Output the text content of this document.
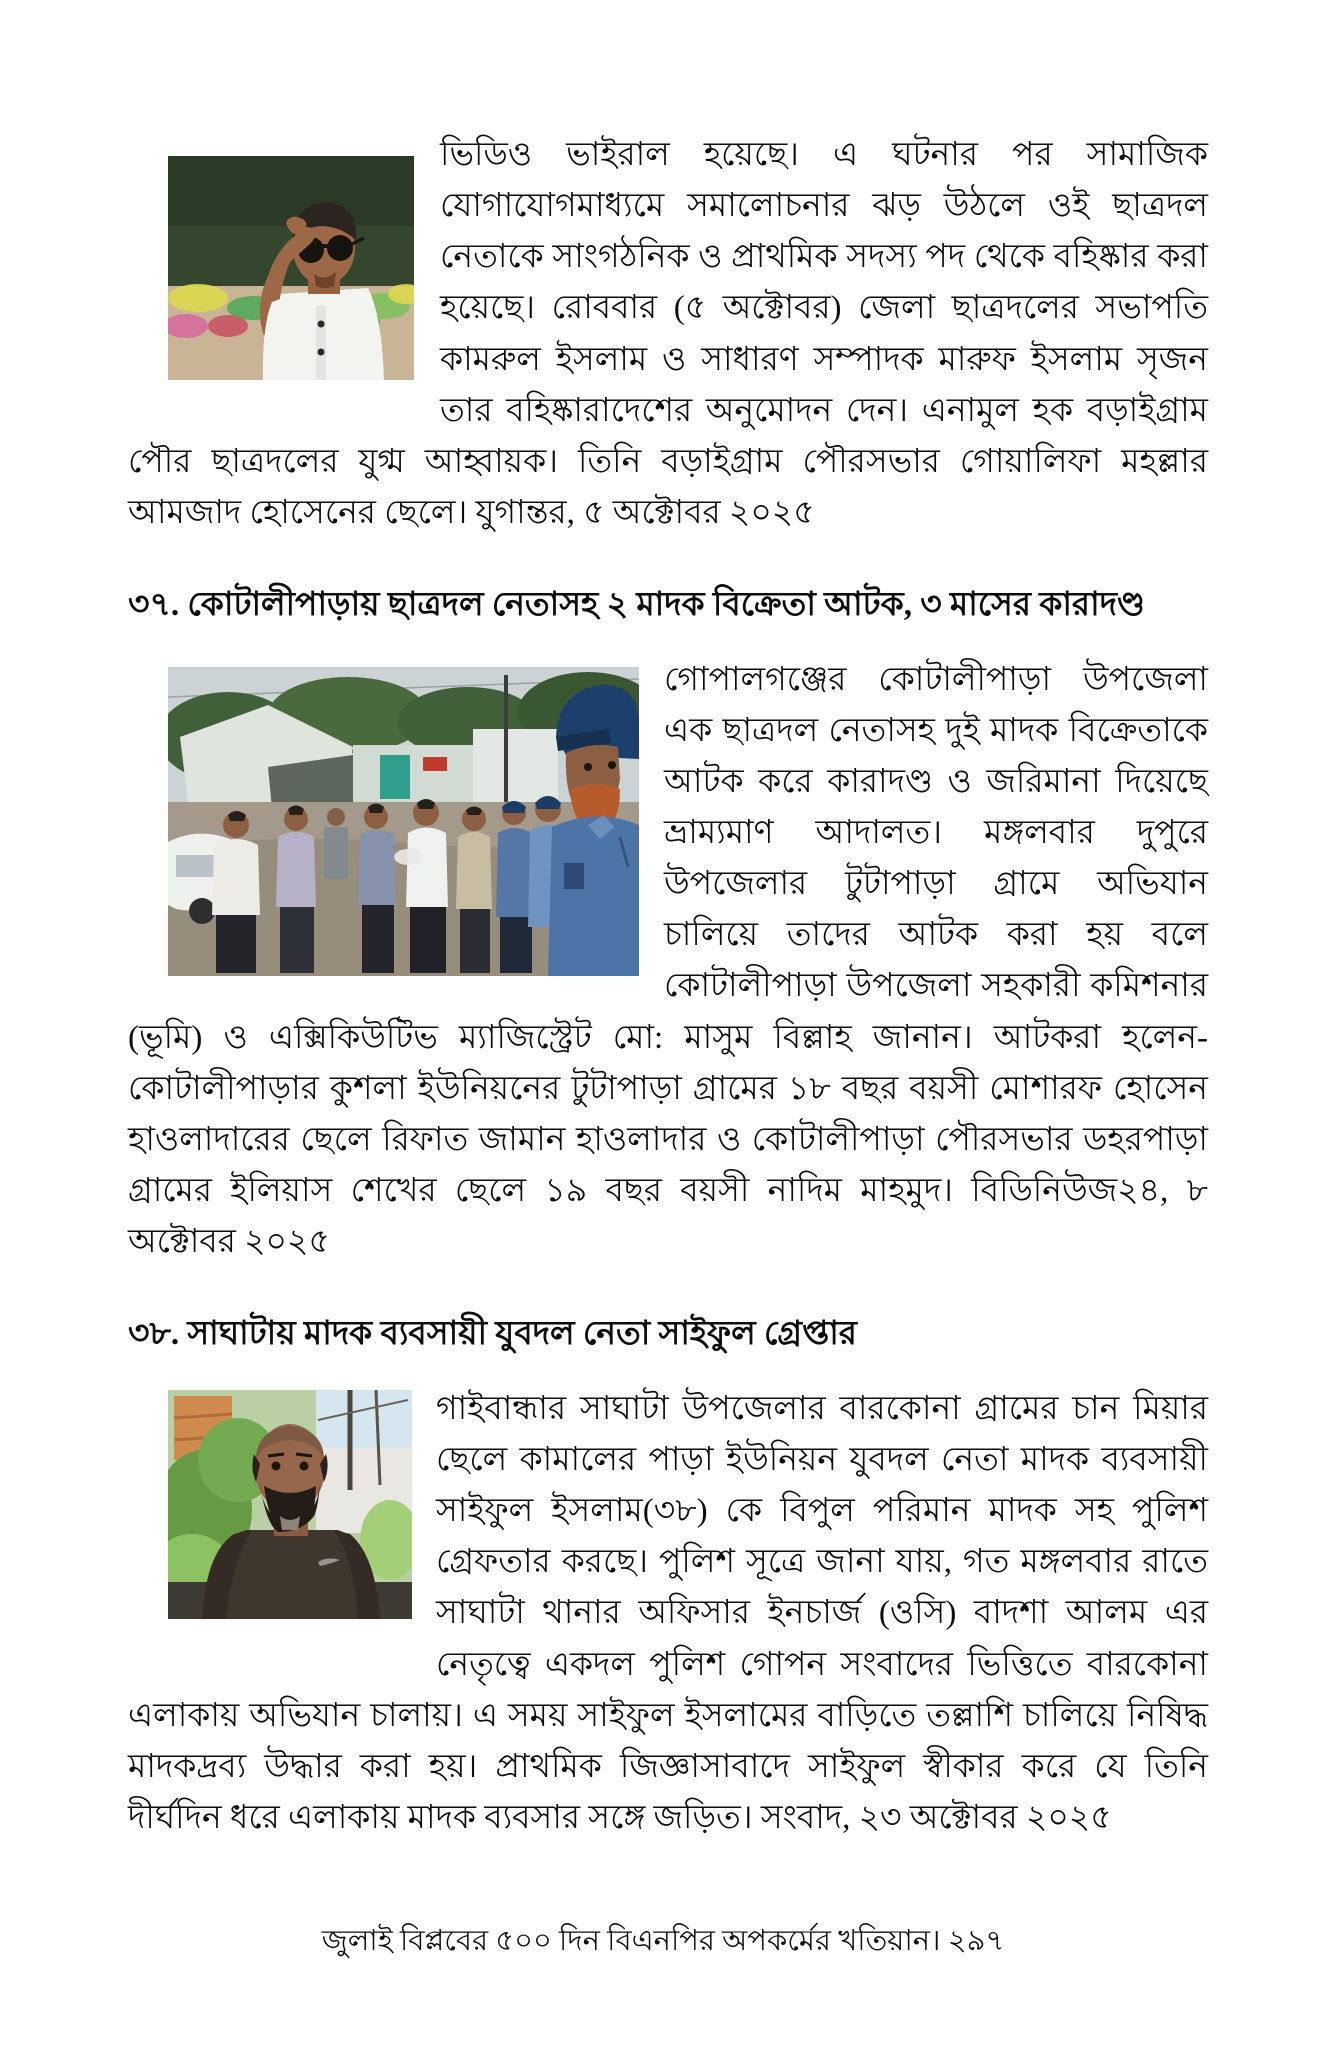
ভিডিও ভাইরাল হয়েছে। এ ঘটনার পর সামাজিক যোগাযোগমাধ্যমে সমালোচনার ঝড় উঠলে ওই ছাত্রদল নেতাকে সাংগঠনিক ও প্রাথমিক সদস্য পদ থেকে বহিষ্কার করা হয়েছে। রোববার (৫ অক্টোবর) জেলা ছাত্রদলের সভাপতি কামরুল ইসলাম ও সাধারণ সম্পাদক মারুফ ইসলাম সৃজন তার বহিষ্কারাদেশের অনুমোদন দেন। এনামুল হক বড়াইগ্রাম পৌর ছাত্রদলের যুগ্ম আহ্বায়ক। তিনি বড়াইগ্রাম পৌরসভার গোয়ালিফা মহল্লার আমজাদ হোসেনের ছেলে। যুগান্তর, ৫ অক্টোবর ২০২৫
৩৭. কোটালীপাড়ায় ছাত্রদল নেতাসহ ২ মাদক বিক্রেতা আটক, ৩ মাসের কারাদণ্ড
গোপালগঞ্জের কোটালীপাড়া উপজেলা এক ছাত্রদল নেতাসহ দুই মাদক বিক্রেতাকে আটক করে কারাদণ্ড ও জরিমানা দিয়েছে ভ্রাম্যমাণ আদালত। মঙ্গলবার দুপুরে উপজেলার টুটাপাড়া গ্রামে অভিযান চালিয়ে তাদের আটক করা হয় বলে কোটালীপাড়া উপজেলা সহকারী কমিশনার (ভূমি) ও এক্সিকিউটিভ ম্যাজিস্ট্রেট মো: মাসুম বিল্লাহ জানান। আটকরা হলেন-কোটালীপাড়ার কুশলা ইউনিয়নের টুটাপাড়া গ্রামের ১৮ বছর বয়সী মোশারফ হোসেন হাওলাদারের ছেলে রিফাত জামান হাওলাদার ও কোটালীপাড়া পৌরসভার ডহরপাড়া গ্রামের ইলিয়াস শেখের ছেলে ১৯ বছর বয়সী নাদিম মাহমুদ। বিডিনিউজ২৪, ৮ অক্টোবর ২০২৫
৩৮. সাঘাটায় মাদক ব্যবসায়ী যুবদল নেতা সাইফুল গ্রেপ্তার
গাইবান্ধার সাঘাটা উপজেলার বারকোনা গ্রামের চান মিয়ার ছেলে কামালের পাড়া ইউনিয়ন যুবদল নেতা মাদক ব্যবসায়ী সাইফুল ইসলাম(৩৮) কে বিপুল পরিমান মাদক সহ পুলিশ গ্রেফতার করছে। পুলিশ সূত্রে জানা যায়, গত মঙ্গলবার রাতে সাঘাটা থানার অফিসার ইনচার্জ (ওসি) বাদশা আলম এর নেতৃত্বে একদল পুলিশ গোপন সংবাদের ভিত্তিতে বারকোনা এলাকায় অভিযান চালায়। এ সময় সাইফুল ইসলামের বাড়িতে তল্লাশি চালিয়ে নিষিদ্ধ মাদকদ্রব্য উদ্ধার করা হয়। প্রাথমিক জিজ্ঞাসাবাদে সাইফুল স্বীকার করে যে তিনি দীর্ঘদিন ধরে এলাকায় মাদক ব্যবসার সঙ্গে জড়িত। সংবাদ, ২৩ অক্টোবর ২০২৫
জুলাই বিপ্লবের ৫০০ দিন বিএনপির অপকর্মের খতিয়ান। ২৯৭
